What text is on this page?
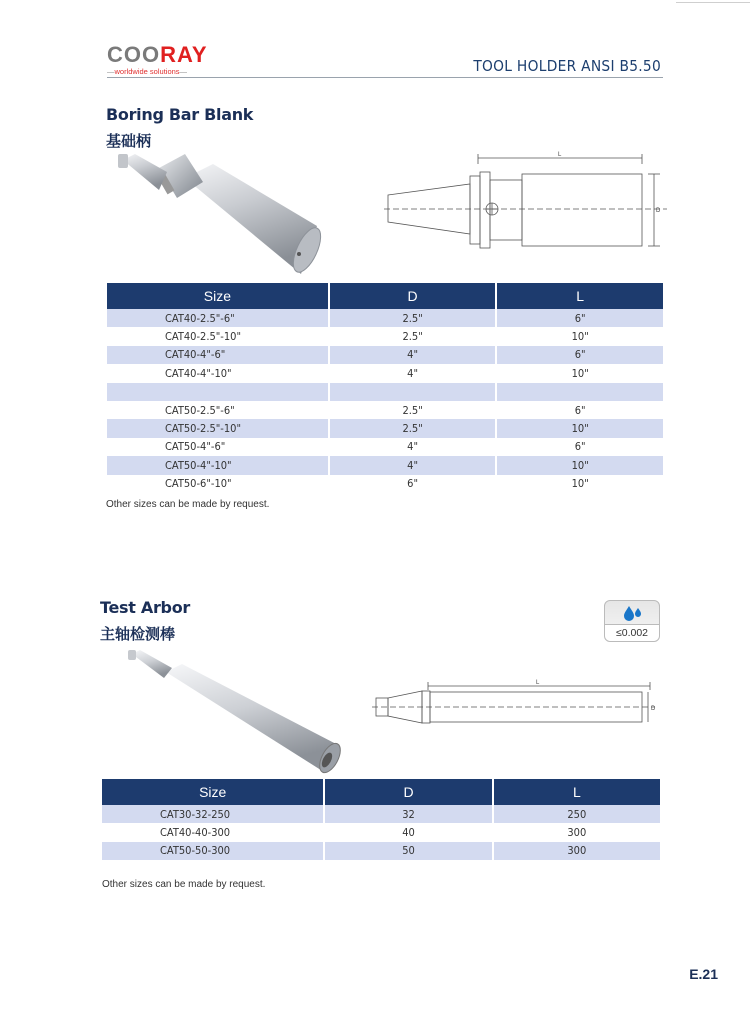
COORAY
—worldwide solutions—	TOOL HOLDER ANSI B5.50
Boring Bar Blank
基础柄
L
D
Size	D	L
CAT40-2.5"-6"	2.5"	6"
CAT40-2.5"-10"	2.5"	10"
CAT40-4"-6"	4"	6"
CAT40-4"-10"	4"	10"

CAT50-2.5"-6"	2.5"	6"
CAT50-2.5"-10"	2.5"	10"
CAT50-4"-6"	4"	6"
CAT50-4"-10"	4"	10"
CAT50-6"-10"	6"	10"
Other sizes can be made by request.
Test Arbor
主轴检测棒	≤0.002
L
D
Size	D	L
CAT30-32-250	32	250
CAT40-40-300	40	300
CAT50-50-300	50	300
Other sizes can be made by request.
E.21
